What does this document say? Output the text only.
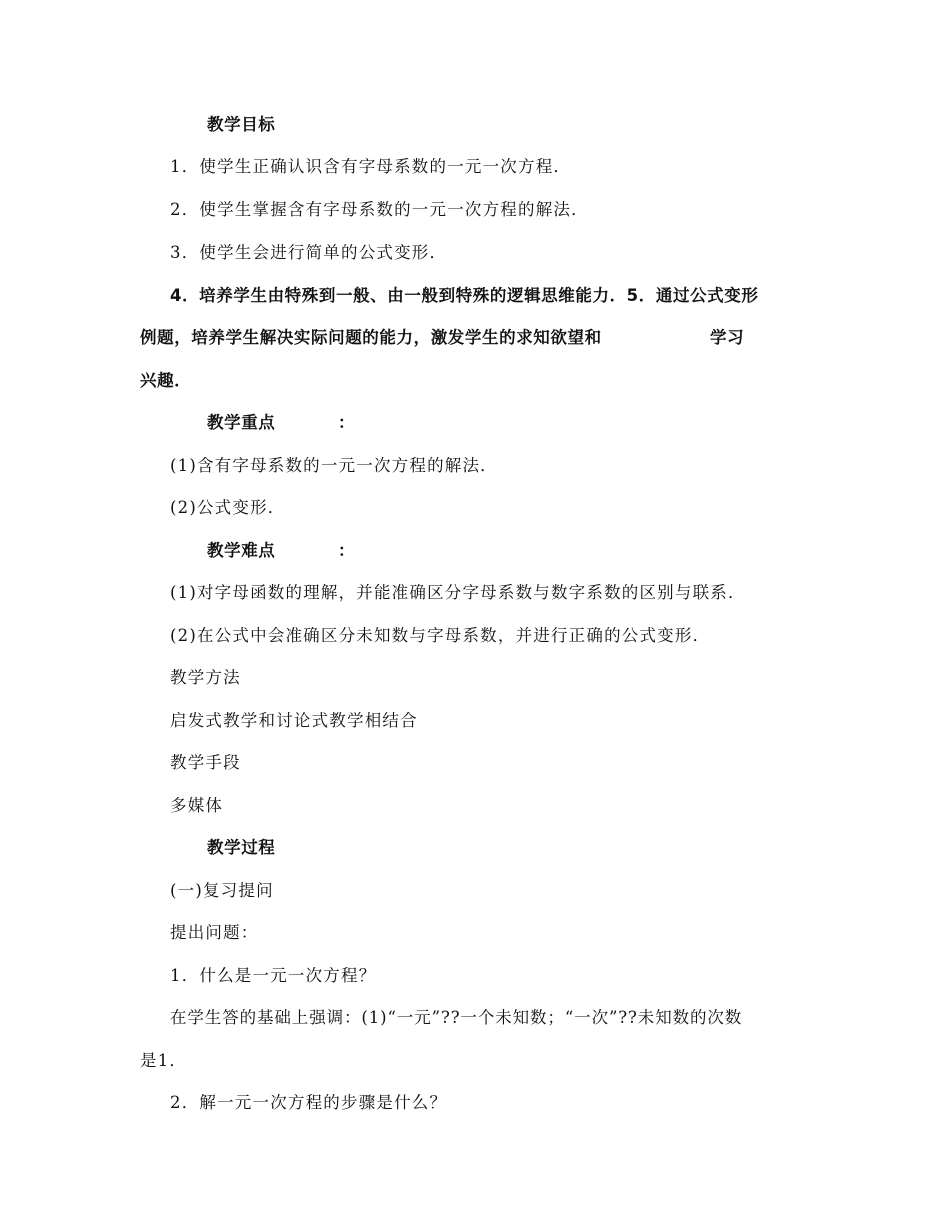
教学目标
1．使学生正确认识含有字母系数的一元一次方程．
2．使学生掌握含有字母系数的一元一次方程的解法．
3．使学生会进行简单的公式变形．
4．培养学生由特殊到一般、由一般到特殊的逻辑思维能力．5．通过公式变形
例题，培养学生解决实际问题的能力，激发学生的求知欲望和	学习
兴趣．
教学重点	：
(1)含有字母系数的一元一次方程的解法．
(2)公式变形．
教学难点	：
(1)对字母函数的理解，并能准确区分字母系数与数字系数的区别与联系．
(2)在公式中会准确区分未知数与字母系数，并进行正确的公式变形．
教学方法
启发式教学和讨论式教学相结合
教学手段
多媒体
教学过程
(一)复习提问
提出问题：
1．什么是一元一次方程？
在学生答的基础上强调：(1)“一元”??一个未知数；“一次”??未知数的次数
是1．
2．解一元一次方程的步骤是什么？
